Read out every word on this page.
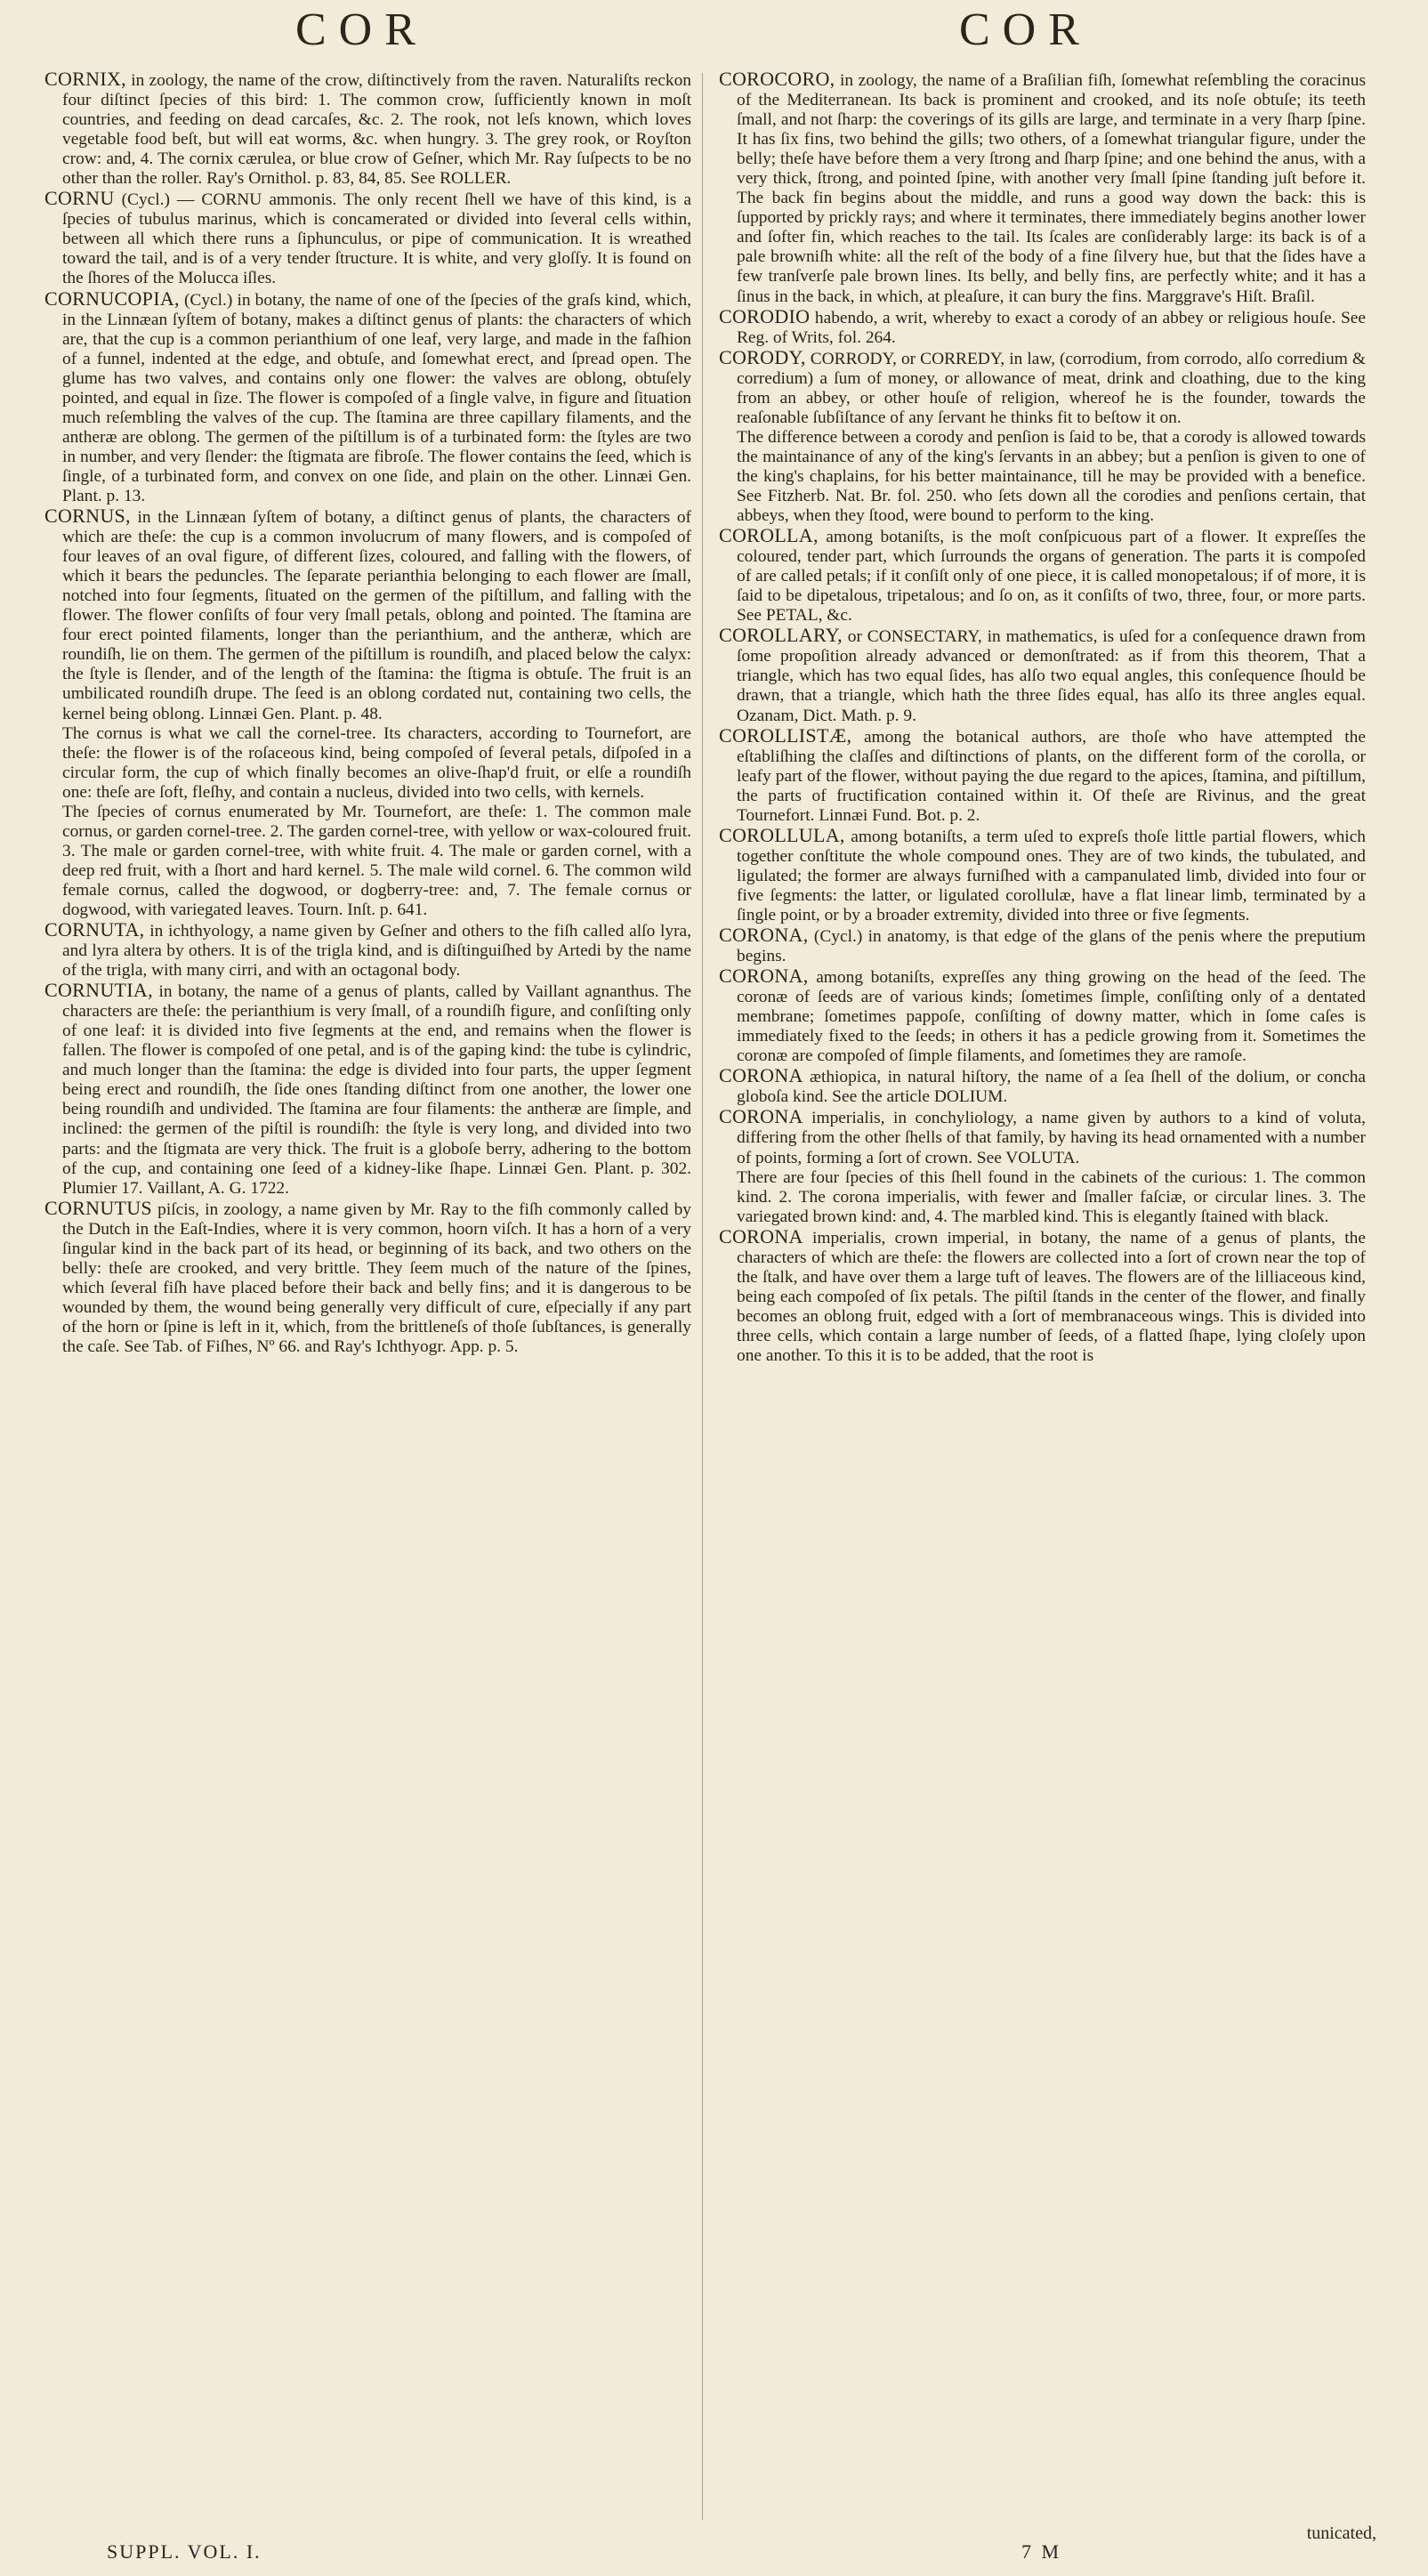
COR	COR

CORNIX, in zoology, the name of the crow, diſtinctively from the raven. Naturaliſts reckon four diſtinct ſpecies of this bird: 1. The common crow, ſufficiently known in moſt countries, and feeding on dead carcaſes, &c. 2. The rook, not leſs known, which loves vegetable food beſt, but will eat worms, &c. when hungry. 3. The grey rook, or Royſton crow: and, 4. The cornix cærulea, or blue crow of Geſner, which Mr. Ray ſuſpects to be no other than the roller. Ray's Ornithol. p. 83, 84, 85. See ROLLER.

CORNU (Cycl.) — CORNU ammonis. The only recent ſhell we have of this kind, is a ſpecies of tubulus marinus, which is concamerated or divided into ſeveral cells within, between all which there runs a ſiphunculus, or pipe of communication. It is wreathed toward the tail, and is of a very tender ſtructure. It is white, and very gloſſy. It is found on the ſhores of the Molucca iſles.

CORNUCOPIA, (Cycl.) in botany, the name of one of the ſpecies of the graſs kind, which, in the Linnæan ſyſtem of botany, makes a diſtinct genus of plants: the characters of which are, that the cup is a common perianthium of one leaf, very large, and made in the faſhion of a funnel, indented at the edge, and obtuſe, and ſomewhat erect, and ſpread open. The glume has two valves, and contains only one flower: the valves are oblong, obtuſely pointed, and equal in ſize. The flower is compoſed of a ſingle valve, in figure and ſituation much reſembling the valves of the cup. The ſtamina are three capillary filaments, and the antheræ are oblong. The germen of the piſtillum is of a turbinated form: the ſtyles are two in number, and very ſlender: the ſtigmata are fibroſe. The flower contains the ſeed, which is ſingle, of a turbinated form, and convex on one ſide, and plain on the other. Linnæi Gen. Plant. p. 13.

CORNUS, in the Linnæan ſyſtem of botany, a diſtinct genus of plants, the characters of which are theſe: the cup is a common involucrum of many flowers, and is compoſed of four leaves of an oval figure, of different ſizes, coloured, and falling with the flowers, of which it bears the peduncles. The ſeparate perianthia belonging to each flower are ſmall, notched into four ſegments, ſituated on the germen of the piſtillum, and falling with the flower. The flower conſiſts of four very ſmall petals, oblong and pointed. The ſtamina are four erect pointed filaments, longer than the perianthium, and the antheræ, which are roundiſh, lie on them. The germen of the piſtillum is roundiſh, and placed below the calyx: the ſtyle is ſlender, and of the length of the ſtamina: the ſtigma is obtuſe. The fruit is an umbilicated roundiſh drupe. The ſeed is an oblong cordated nut, containing two cells, the kernel being oblong. Linnæi Gen. Plant. p. 48.

The cornus is what we call the cornel-tree. Its characters, according to Tournefort, are theſe: the flower is of the roſaceous kind, being compoſed of ſeveral petals, diſpoſed in a circular form, the cup of which finally becomes an olive-ſhap'd fruit, or elſe a roundiſh one: theſe are ſoft, fleſhy, and contain a nucleus, divided into two cells, with kernels.

The ſpecies of cornus enumerated by Mr. Tournefort, are theſe: 1. The common male cornus, or garden cornel-tree. 2. The garden cornel-tree, with yellow or wax-coloured fruit. 3. The male or garden cornel-tree, with white fruit. 4. The male or garden cornel, with a deep red fruit, with a ſhort and hard kernel. 5. The male wild cornel. 6. The common wild female cornus, called the dogwood, or dogberry-tree: and, 7. The female cornus or dogwood, with variegated leaves. Tourn. Inſt. p. 641.

CORNUTA, in ichthyology, a name given by Geſner and others to the fiſh called alſo lyra, and lyra altera by others. It is of the trigla kind, and is diſtinguiſhed by Artedi by the name of the trigla, with many cirri, and with an octagonal body.

CORNUTIA, in botany, the name of a genus of plants, called by Vaillant agnanthus. The characters are theſe: the perianthium is very ſmall, of a roundiſh figure, and conſiſting only of one leaf: it is divided into five ſegments at the end, and remains when the flower is fallen. The flower is compoſed of one petal, and is of the gaping kind: the tube is cylindric, and much longer than the ſtamina: the edge is divided into four parts, the upper ſegment being erect and roundiſh, the ſide ones ſtanding diſtinct from one another, the lower one being roundiſh and undivided. The ſtamina are four filaments: the antheræ are ſimple, and inclined: the germen of the piſtil is roundiſh: the ſtyle is very long, and divided into two parts: and the ſtigmata are very thick. The fruit is a globoſe berry, adhering to the bottom of the cup, and containing one ſeed of a kidney-like ſhape. Linnæi Gen. Plant. p. 302. Plumier 17. Vaillant, A. G. 1722.

CORNUTUS piſcis, in zoology, a name given by Mr. Ray to the fiſh commonly called by the Dutch in the Eaſt-Indies, where it is very common, hoorn viſch. It has a horn of a very ſingular kind in the back part of its head, or beginning of its back, and two others on the belly: theſe are crooked, and very brittle. They ſeem much of the nature of the ſpines, which ſeveral fiſh have placed before their back and belly fins; and it is dangerous to be wounded by them, the wound being generally very difficult of cure, eſpecially if any part of the horn or ſpine is left in it, which, from the brittleneſs of thoſe ſubſtances, is generally the caſe. See Tab. of Fiſhes, Nº 66. and Ray's Ichthyogr. App. p. 5.

COROCORO, in zoology, the name of a Braſilian fiſh, ſomewhat reſembling the coracinus of the Mediterranean. Its back is prominent and crooked, and its noſe obtuſe; its teeth ſmall, and not ſharp: the coverings of its gills are large, and terminate in a very ſharp ſpine. It has ſix fins, two behind the gills; two others, of a ſomewhat triangular figure, under the belly; theſe have before them a very ſtrong and ſharp ſpine; and one behind the anus, with a very thick, ſtrong, and pointed ſpine, with another very ſmall ſpine ſtanding juſt before it. The back fin begins about the middle, and runs a good way down the back: this is ſupported by prickly rays; and where it terminates, there immediately begins another lower and ſofter fin, which reaches to the tail. Its ſcales are conſiderably large: its back is of a pale browniſh white: all the reſt of the body of a fine ſilvery hue, but that the ſides have a few tranſverſe pale brown lines. Its belly, and belly fins, are perfectly white; and it has a ſinus in the back, in which, at pleaſure, it can bury the fins. Marggrave's Hiſt. Braſil.

CORODIO habendo, a writ, whereby to exact a corody of an abbey or religious houſe. See Reg. of Writs, fol. 264.

CORODY, CORRODY, or CORREDY, in law, (corrodium, from corrodo, alſo corredium & corredium) a ſum of money, or allowance of meat, drink and cloathing, due to the king from an abbey, or other houſe of religion, whereof he is the founder, towards the reaſonable ſubſiſtance of any ſervant he thinks fit to beſtow it on.

The difference between a corody and penſion is ſaid to be, that a corody is allowed towards the maintainance of any of the king's ſervants in an abbey; but a penſion is given to one of the king's chaplains, for his better maintainance, till he may be provided with a benefice. See Fitzherb. Nat. Br. fol. 250. who ſets down all the corodies and penſions certain, that abbeys, when they ſtood, were bound to perform to the king.

COROLLA, among botaniſts, is the moſt conſpicuous part of a flower. It expreſſes the coloured, tender part, which ſurrounds the organs of generation. The parts it is compoſed of are called petals; if it conſiſt only of one piece, it is called monopetalous; if of more, it is ſaid to be dipetalous, tripetalous; and ſo on, as it conſiſts of two, three, four, or more parts. See PETAL, &c.

COROLLARY, or CONSECTARY, in mathematics, is uſed for a conſequence drawn from ſome propoſition already advanced or demonſtrated: as if from this theorem, That a triangle, which has two equal ſides, has alſo two equal angles, this conſequence ſhould be drawn, that a triangle, which hath the three ſides equal, has alſo its three angles equal. Ozanam, Dict. Math. p. 9.

COROLLISTÆ, among the botanical authors, are thoſe who have attempted the eſtabliſhing the claſſes and diſtinctions of plants, on the different form of the corolla, or leafy part of the flower, without paying the due regard to the apices, ſtamina, and piſtillum, the parts of fructification contained within it. Of theſe are Rivinus, and the great Tournefort. Linnæi Fund. Bot. p. 2.

COROLLULA, among botaniſts, a term uſed to expreſs thoſe little partial flowers, which together conſtitute the whole compound ones. They are of two kinds, the tubulated, and ligulated; the former are always furniſhed with a campanulated limb, divided into four or five ſegments: the latter, or ligulated corollulæ, have a flat linear limb, terminated by a ſingle point, or by a broader extremity, divided into three or five ſegments.

CORONA, (Cycl.) in anatomy, is that edge of the glans of the penis where the preputium begins.

CORONA, among botaniſts, expreſſes any thing growing on the head of the ſeed. The coronæ of ſeeds are of various kinds; ſometimes ſimple, conſiſting only of a dentated membrane; ſometimes pappoſe, conſiſting of downy matter, which in ſome caſes is immediately fixed to the ſeeds; in others it has a pedicle growing from it. Sometimes the coronæ are compoſed of ſimple filaments, and ſometimes they are ramoſe.

CORONA æthiopica, in natural hiſtory, the name of a ſea ſhell of the dolium, or concha globoſa kind. See the article DOLIUM.

CORONA imperialis, in conchyliology, a name given by authors to a kind of voluta, differing from the other ſhells of that family, by having its head ornamented with a number of points, forming a ſort of crown. See VOLUTA.

There are four ſpecies of this ſhell found in the cabinets of the curious: 1. The common kind. 2. The corona imperialis, with fewer and ſmaller faſciæ, or circular lines. 3. The variegated brown kind: and, 4. The marbled kind. This is elegantly ſtained with black.

CORONA imperialis, crown imperial, in botany, the name of a genus of plants, the characters of which are theſe: the flowers are collected into a ſort of crown near the top of the ſtalk, and have over them a large tuft of leaves. The flowers are of the lilliaceous kind, being each compoſed of ſix petals. The piſtil ſtands in the center of the flower, and finally becomes an oblong fruit, edged with a ſort of membranaceous wings. This is divided into three cells, which contain a large number of ſeeds, of a flatted ſhape, lying cloſely upon one another. To this it is to be added, that the root is

SUPPL. VOL. I.	7 M
tunicated,
